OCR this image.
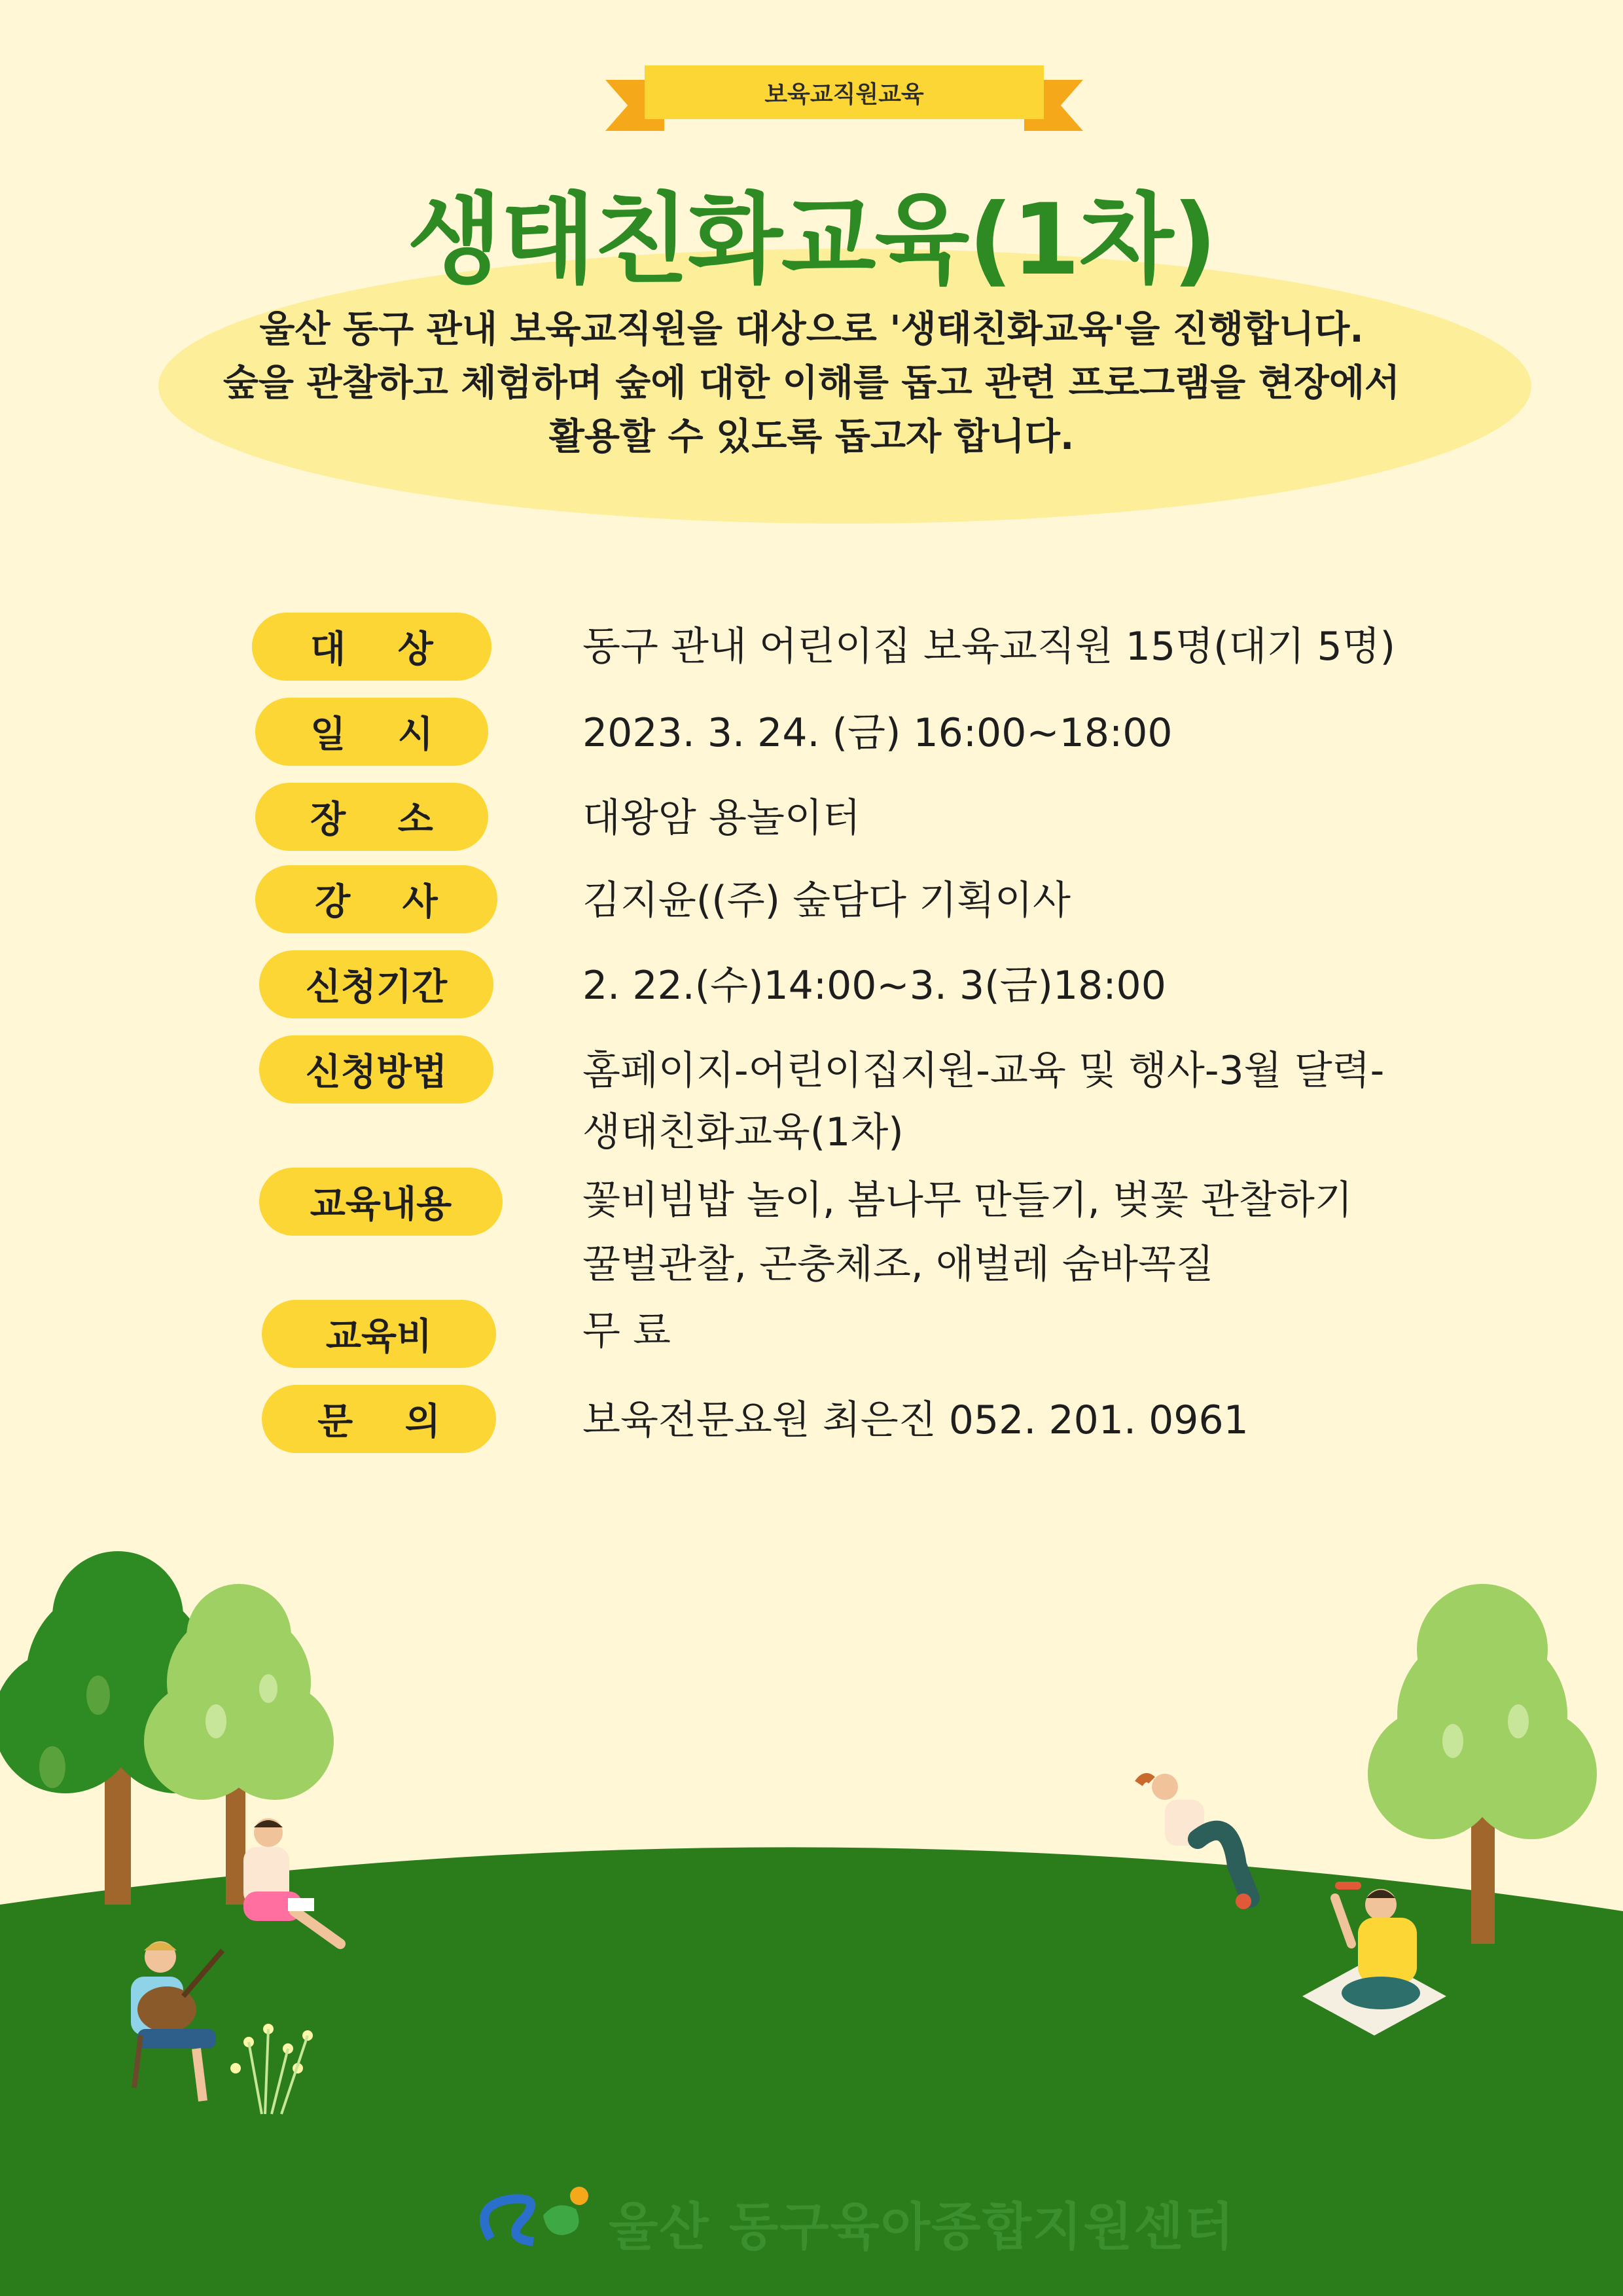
보육교직원교육
생태친화교육(1차)
울산 동구 관내 보육교직원을 대상으로 '생태친화교육'을 진행합니다.
숲을 관찰하고 체험하며 숲에 대한 이해를 돕고 관련 프로그램을 현장에서
활용할 수 있도록 돕고자 합니다.
대 상	동구 관내 어린이집 보육교직원 15명(대기 5명)
일 시	2023. 3. 24. (금) 16:00~18:00
장 소	대왕암 용놀이터
강 사	김지윤((주) 숲담다 기획이사
신청기간	2. 22.(수)14:00~3. 3(금)18:00
신청방법	홈페이지-어린이집지원-교육 및 행사-3월 달력-
생태친화교육(1차)
교육내용	꽃비빔밥 놀이, 봄나무 만들기, 벚꽃 관찰하기
꿀벌관찰, 곤충체조, 애벌레 숨바꼭질
교육비	무 료
문 의	보육전문요원 최은진 052. 201. 0961
울산 동구육아종합지원센터
